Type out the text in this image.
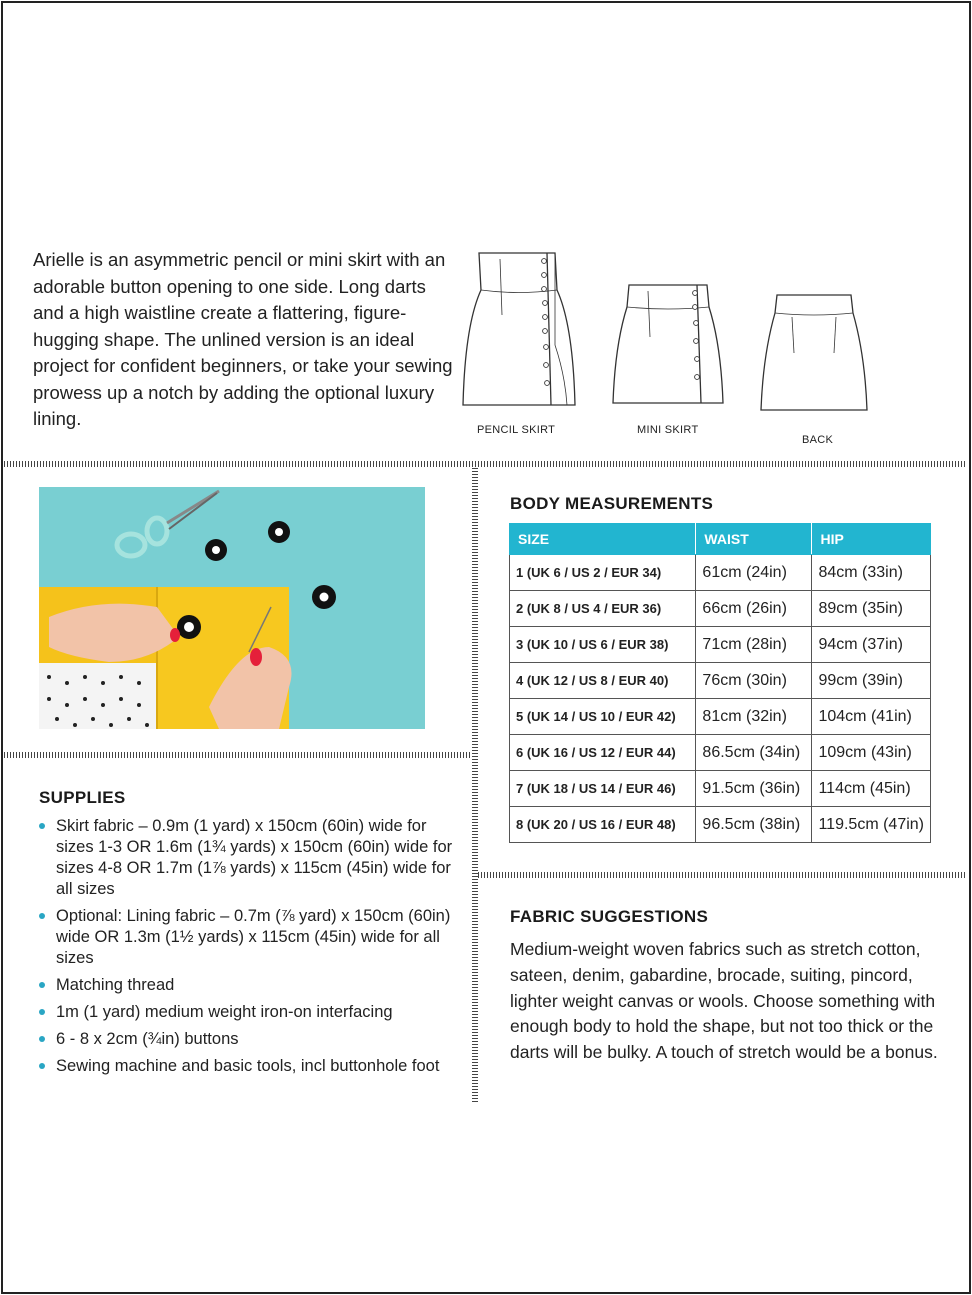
Arielle is an asymmetric pencil or mini skirt with an adorable button opening to one side. Long darts and a high waistline create a flattering, figure-hugging shape. The unlined version is an ideal project for confident beginners, or take your sewing prowess up a notch by adding the optional luxury lining.

PENCIL SKIRT	MINI SKIRT
BACK
SUPPLIES
Skirt fabric – 0.9m (1 yard) x 150cm (60in) wide for sizes 1-3 OR 1.6m (1¾ yards) x 150cm (60in) wide for sizes 4-8 OR 1.7m (1⅞ yards) x 115cm (45in) wide for all sizes
Optional: Lining fabric – 0.7m (⅞ yard) x 150cm (60in) wide OR 1.3m (1½ yards) x 115cm (45in) wide for all sizes
Matching thread
1m (1 yard) medium weight iron-on interfacing
6 - 8 x 2cm (¾in) buttons
Sewing machine and basic tools, incl buttonhole foot
BODY MEASUREMENTS
SIZE	WAIST	HIP
1 (UK 6 / US 2 / EUR 34)	61cm (24in)	84cm (33in)
2 (UK 8 / US 4 / EUR 36)	66cm (26in)	89cm (35in)
3 (UK 10 / US 6 / EUR 38)	71cm (28in)	94cm (37in)
4 (UK 12 / US 8 / EUR 40)	76cm (30in)	99cm (39in)
5 (UK 14 / US 10 / EUR 42)	81cm (32in)	104cm (41in)
6 (UK 16 / US 12 / EUR 44)	86.5cm (34in)	109cm (43in)
7 (UK 18 / US 14 / EUR 46)	91.5cm (36in)	114cm (45in)
8 (UK 20 / US 16 / EUR 48)	96.5cm (38in)	119.5cm (47in)
FABRIC SUGGESTIONS

Medium-weight woven fabrics such as stretch cotton, sateen, denim, gabardine, brocade, suiting, pincord, lighter weight canvas or wools. Choose something with enough body to hold the shape, but not too thick or the darts will be bulky. A touch of stretch would be a bonus.
